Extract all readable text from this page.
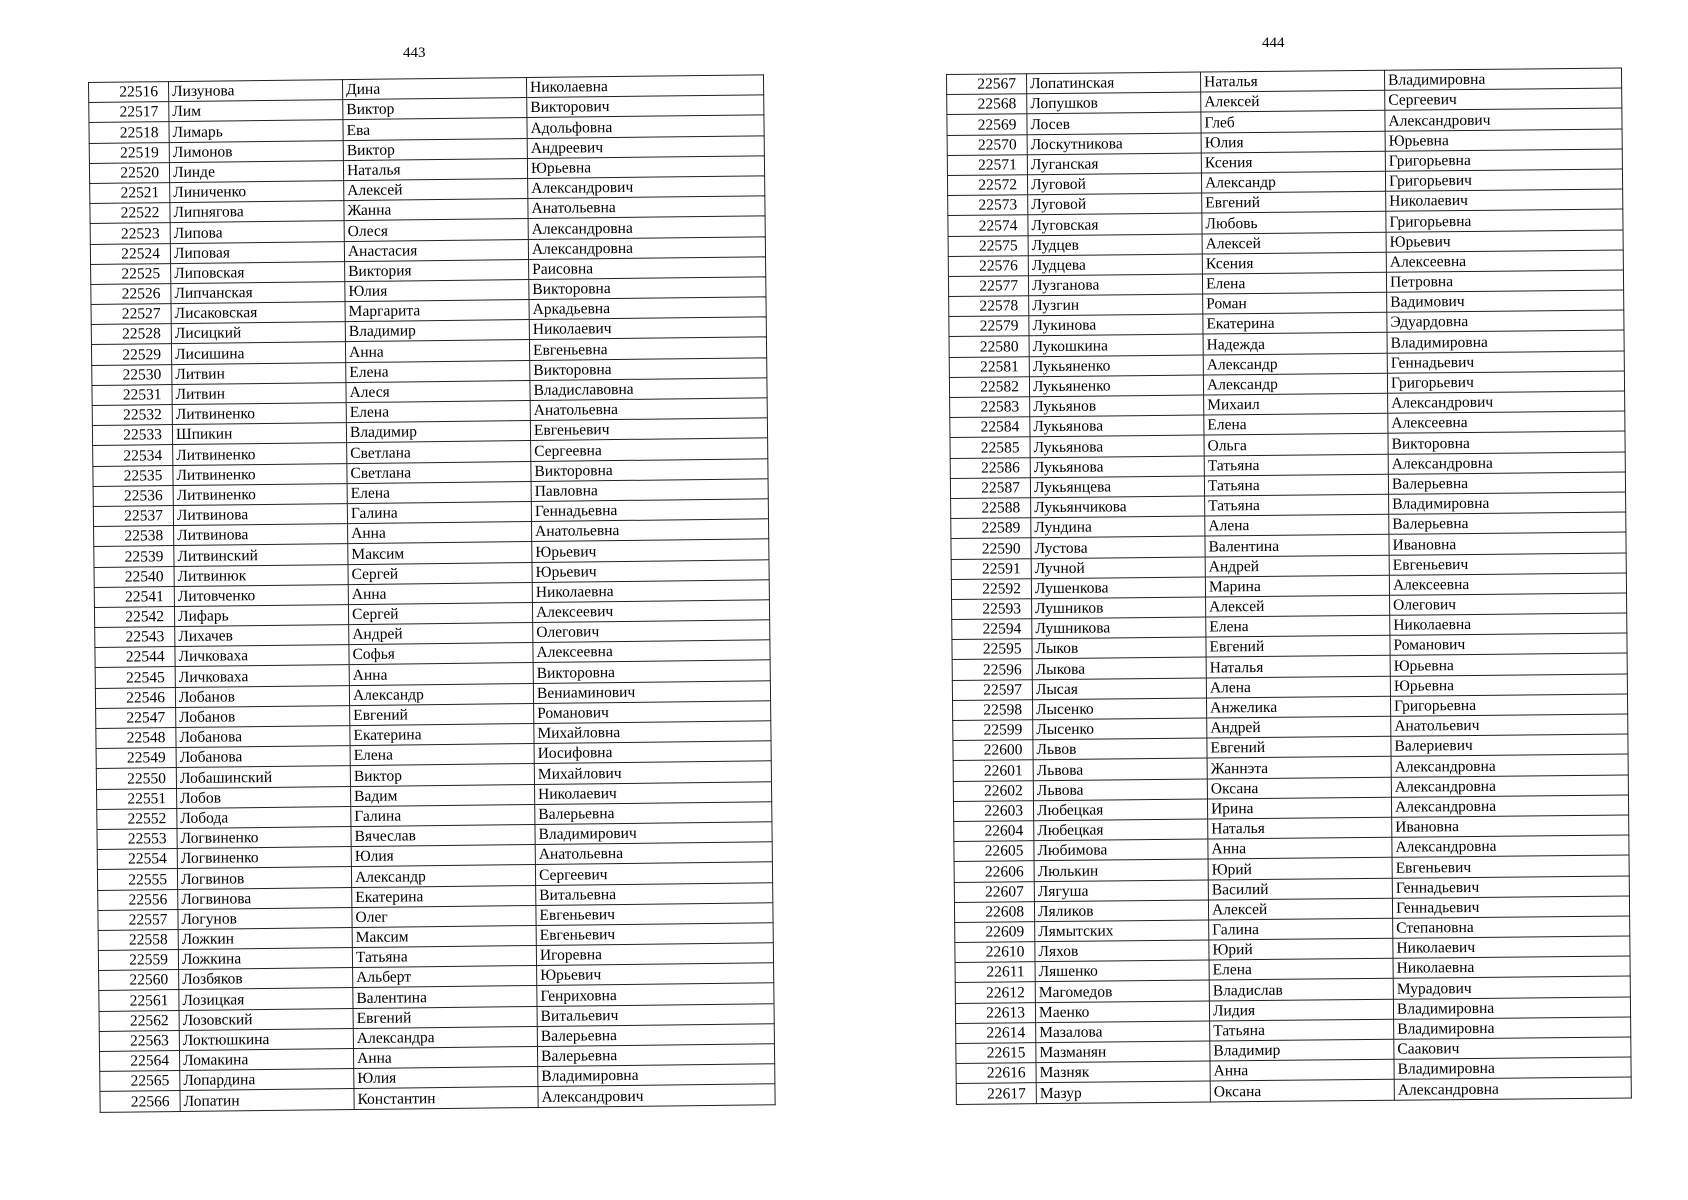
443
444
22516	Лизунова	Дина	Николаевна
22517	Лим	Виктор	Викторович
22518	Лимарь	Ева	Адольфовна
22519	Лимонов	Виктор	Андреевич
22520	Линде	Наталья	Юрьевна
22521	Линиченко	Алексей	Александрович
22522	Липнягова	Жанна	Анатольевна
22523	Липова	Олеся	Александровна
22524	Липовая	Анастасия	Александровна
22525	Липовская	Виктория	Раисовна
22526	Липчанская	Юлия	Викторовна
22527	Лисаковская	Маргарита	Аркадьевна
22528	Лисицкий	Владимир	Николаевич
22529	Лисишина	Анна	Евгеньевна
22530	Литвин	Елена	Викторовна
22531	Литвин	Алеся	Владиславовна
22532	Литвиненко	Елена	Анатольевна
22533	Шпикин	Владимир	Евгеньевич
22534	Литвиненко	Светлана	Сергеевна
22535	Литвиненко	Светлана	Викторовна
22536	Литвиненко	Елена	Павловна
22537	Литвинова	Галина	Геннадьевна
22538	Литвинова	Анна	Анатольевна
22539	Литвинский	Максим	Юрьевич
22540	Литвинюк	Сергей	Юрьевич
22541	Литовченко	Анна	Николаевна
22542	Лифарь	Сергей	Алексеевич
22543	Лихачев	Андрей	Олегович
22544	Личковаха	Софья	Алексеевна
22545	Личковаха	Анна	Викторовна
22546	Лобанов	Александр	Вениаминович
22547	Лобанов	Евгений	Романович
22548	Лобанова	Екатерина	Михайловна
22549	Лобанова	Елена	Иосифовна
22550	Лобашинский	Виктор	Михайлович
22551	Лобов	Вадим	Николаевич
22552	Лобода	Галина	Валерьевна
22553	Логвиненко	Вячеслав	Владимирович
22554	Логвиненко	Юлия	Анатольевна
22555	Логвинов	Александр	Сергеевич
22556	Логвинова	Екатерина	Витальевна
22557	Логунов	Олег	Евгеньевич
22558	Ложкин	Максим	Евгеньевич
22559	Ложкина	Татьяна	Игоревна
22560	Лозбяков	Альберт	Юрьевич
22561	Лозицкая	Валентина	Генриховна
22562	Лозовский	Евгений	Витальевич
22563	Локтюшкина	Александра	Валерьевна
22564	Ломакина	Анна	Валерьевна
22565	Лопардина	Юлия	Владимировна
22566	Лопатин	Константин	Александрович
22567	Лопатинская	Наталья	Владимировна
22568	Лопушков	Алексей	Сергеевич
22569	Лосев	Глеб	Александрович
22570	Лоскутникова	Юлия	Юрьевна
22571	Луганская	Ксения	Григорьевна
22572	Луговой	Александр	Григорьевич
22573	Луговой	Евгений	Николаевич
22574	Луговская	Любовь	Григорьевна
22575	Лудцев	Алексей	Юрьевич
22576	Лудцева	Ксения	Алексеевна
22577	Лузганова	Елена	Петровна
22578	Лузгин	Роман	Вадимович
22579	Лукинова	Екатерина	Эдуардовна
22580	Лукошкина	Надежда	Владимировна
22581	Лукьяненко	Александр	Геннадьевич
22582	Лукьяненко	Александр	Григорьевич
22583	Лукьянов	Михаил	Александрович
22584	Лукьянова	Елена	Алексеевна
22585	Лукьянова	Ольга	Викторовна
22586	Лукьянова	Татьяна	Александровна
22587	Лукьянцева	Татьяна	Валерьевна
22588	Лукьянчикова	Татьяна	Владимировна
22589	Лундина	Алена	Валерьевна
22590	Лустова	Валентина	Ивановна
22591	Лучной	Андрей	Евгеньевич
22592	Лушенкова	Марина	Алексеевна
22593	Лушников	Алексей	Олегович
22594	Лушникова	Елена	Николаевна
22595	Лыков	Евгений	Романович
22596	Лыкова	Наталья	Юрьевна
22597	Лысая	Алена	Юрьевна
22598	Лысенко	Анжелика	Григорьевна
22599	Лысенко	Андрей	Анатольевич
22600	Львов	Евгений	Валериевич
22601	Львова	Жаннэта	Александровна
22602	Львова	Оксана	Александровна
22603	Любецкая	Ирина	Александровна
22604	Любецкая	Наталья	Ивановна
22605	Любимова	Анна	Александровна
22606	Люлькин	Юрий	Евгеньевич
22607	Лягуша	Василий	Геннадьевич
22608	Ляликов	Алексей	Геннадьевич
22609	Лямытских	Галина	Степановна
22610	Ляхов	Юрий	Николаевич
22611	Ляшенко	Елена	Николаевна
22612	Магомедов	Владислав	Мурадович
22613	Маенко	Лидия	Владимировна
22614	Мазалова	Татьяна	Владимировна
22615	Мазманян	Владимир	Саакович
22616	Мазняк	Анна	Владимировна
22617	Мазур	Оксана	Александровна
